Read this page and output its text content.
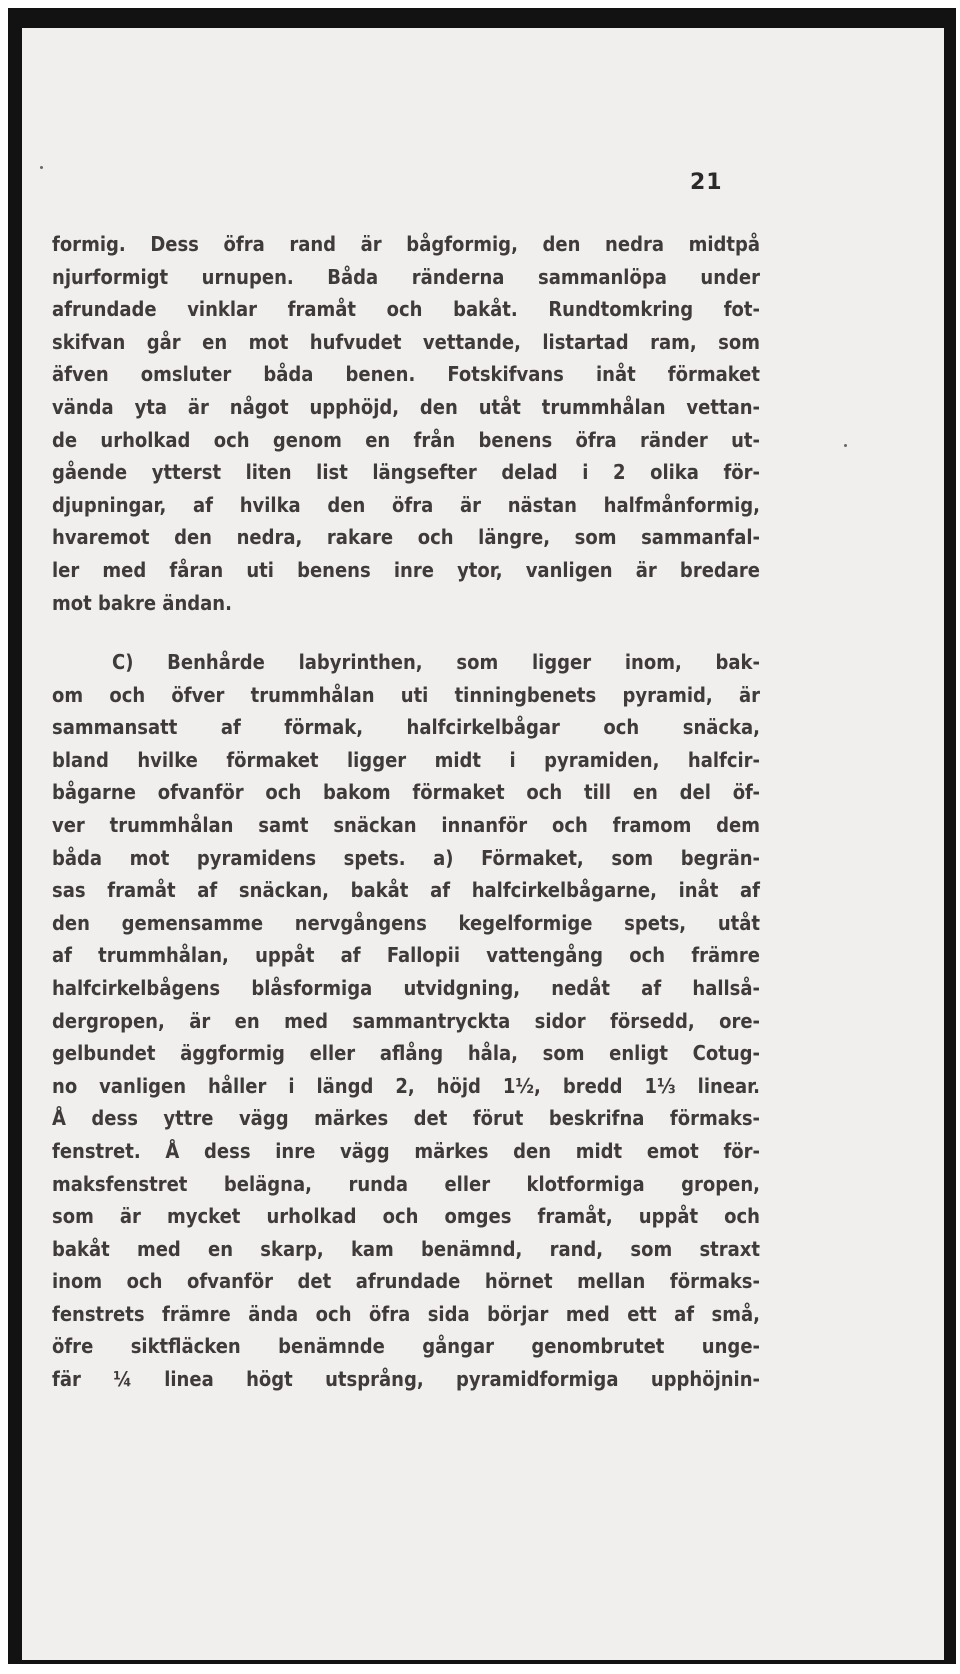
21
formig. Dess öfra rand är bågformig, den nedra midtpå
njurformigt urnupen. Båda ränderna sammanlöpa under
afrundade vinklar framåt och bakåt. Rundtomkring fot-
skifvan går en mot hufvudet vettande, listartad ram, som
äfven omsluter båda benen. Fotskifvans inåt förmaket
vända yta är något upphöjd, den utåt trummhålan vettan-
de urholkad och genom en från benens öfra ränder ut-
gående ytterst liten list längsefter delad i 2 olika för-
djupningar, af hvilka den öfra är nästan halfmånformig,
hvaremot den nedra, rakare och längre, som sammanfal-
ler med fåran uti benens inre ytor, vanligen är bredare
mot bakre ändan.
C) Benhårde labyrinthen, som ligger inom, bak-
om och öfver trummhålan uti tinningbenets pyramid, är
sammansatt af förmak, halfcirkelbågar och snäcka,
bland hvilke förmaket ligger midt i pyramiden, halfcir-
bågarne ofvanför och bakom förmaket och till en del öf-
ver trummhålan samt snäckan innanför och framom dem
båda mot pyramidens spets. a) Förmaket, som begrän-
sas framåt af snäckan, bakåt af halfcirkelbågarne, inåt af
den gemensamme nervgångens kegelformige spets, utåt
af trummhålan, uppåt af Fallopii vattengång och främre
halfcirkelbågens blåsformiga utvidgning, nedåt af hallså-
dergropen, är en med sammantryckta sidor försedd, ore-
gelbundet äggformig eller aflång håla, som enligt Cotug-
no vanligen håller i längd 2, höjd 1½, bredd 1⅓ linear.
Å dess yttre vägg märkes det förut beskrifna förmaks-
fenstret. Å dess inre vägg märkes den midt emot för-
maksfenstret belägna, runda eller klotformiga gropen,
som är mycket urholkad och omges framåt, uppåt och
bakåt med en skarp, kam benämnd, rand, som straxt
inom och ofvanför det afrundade hörnet mellan förmaks-
fenstrets främre ända och öfra sida börjar med ett af små,
öfre siktfläcken benämnde gångar genombrutet unge-
fär ¼ linea högt utsprång, pyramidformiga upphöjnin-
